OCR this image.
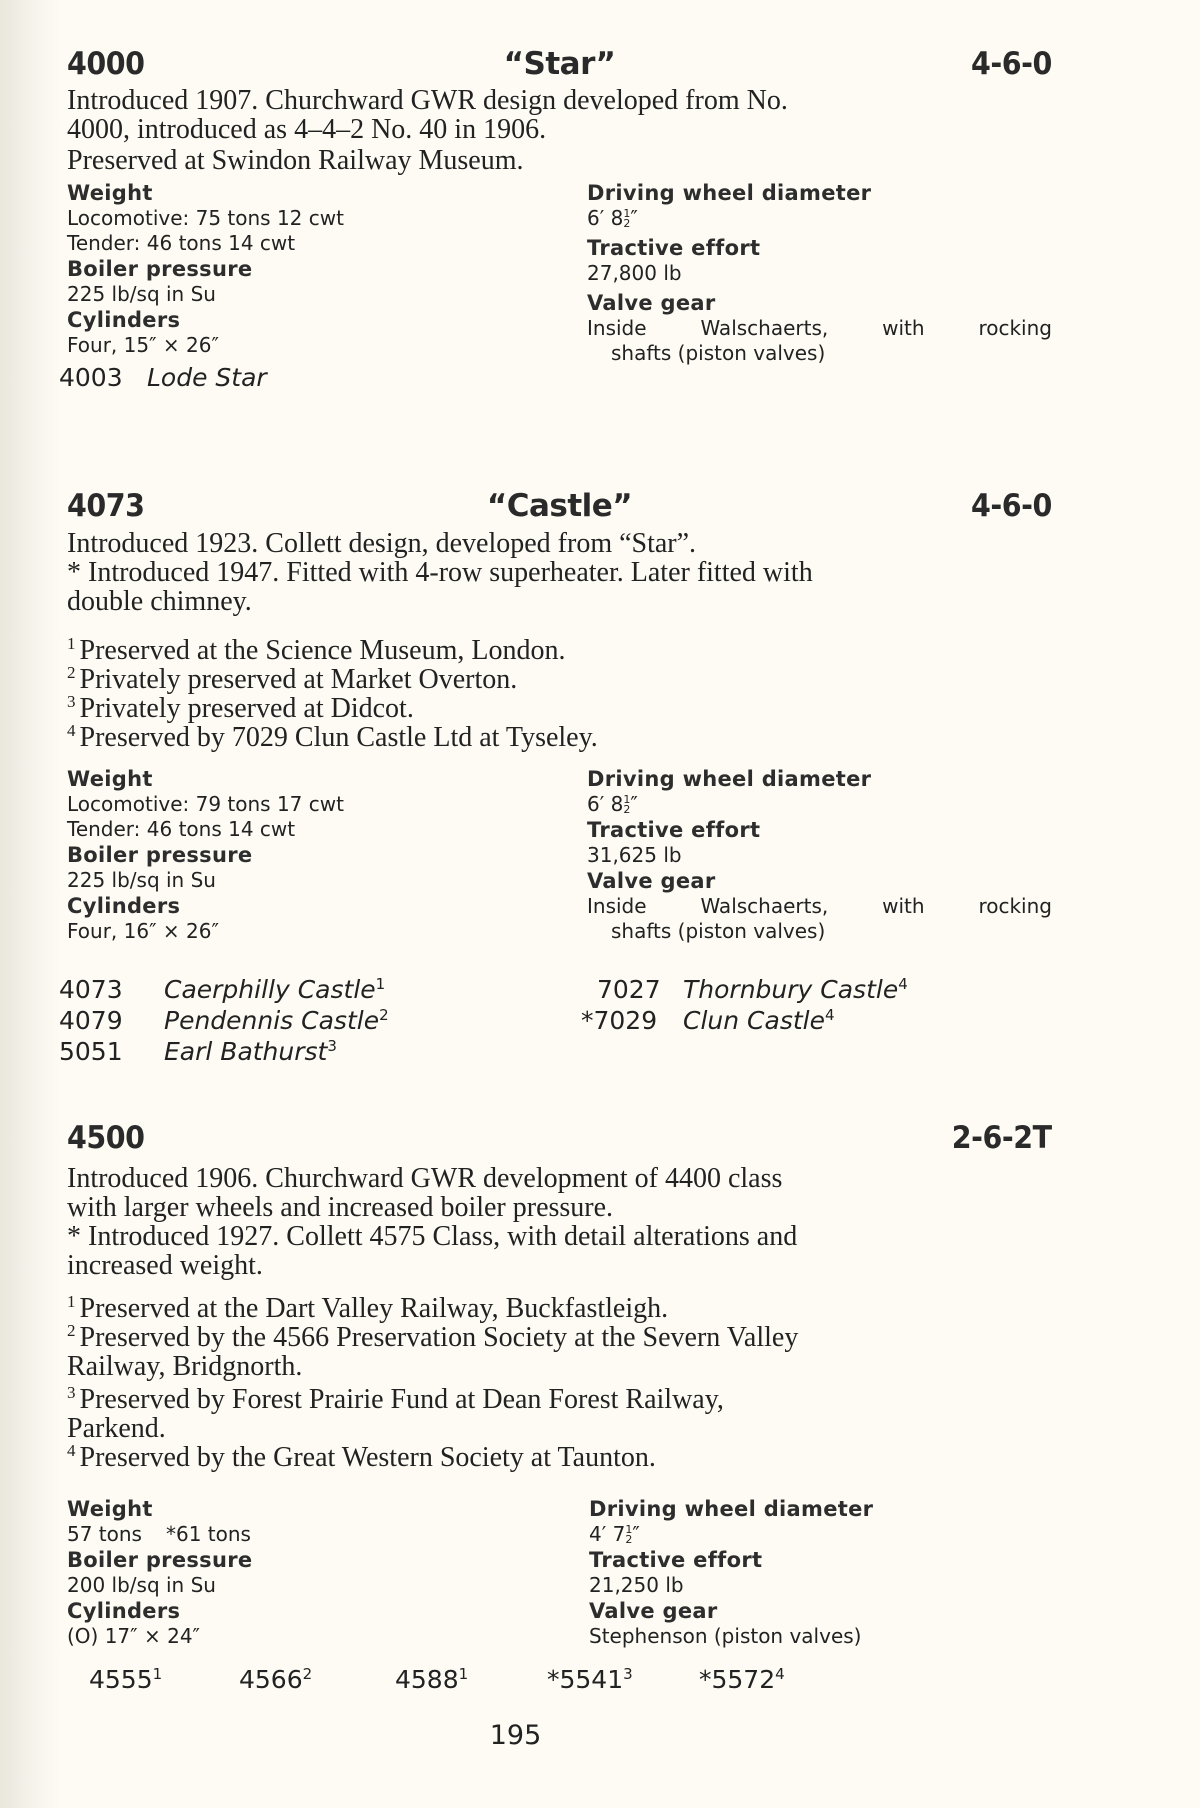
4000	“Star”	4-6-0
Introduced 1907. Churchward GWR design developed from No.
4000, introduced as 4–4–2 No. 40 in 1906.
Preserved at Swindon Railway Museum.
Weight
Locomotive: 75 tons 12 cwt
Tender: 46 tons 14 cwt
Boiler pressure
225 lb/sq in Su
Cylinders
Four, 15″ × 26″
Driving wheel diameter
6′ 8 1
2 ″
Tractive effort
27,800 lb
Valve gear
Inside	Walschaerts,	with	rocking
shafts (piston valves)
4003 Lode Star
4073	“Castle”	4-6-0
Introduced 1923. Collett design, developed from “Star”.
* Introduced 1947. Fitted with 4-row superheater. Later fitted with
double chimney.
$^1$ Preserved at the Science Museum, London.
$^2$ Privately preserved at Market Overton.
$^3$ Privately preserved at Didcot.
$^4$ Preserved by 7029 Clun Castle Ltd at Tyseley.
Weight
Locomotive: 79 tons 17 cwt
Tender: 46 tons 14 cwt
Boiler pressure
225 lb/sq in Su
Cylinders
Four, 16″ × 26″
Driving wheel diameter
6′ 8 1
2 ″
Tractive effort
31,625 lb
Valve gear
Inside	Walschaerts,	with	rocking
shafts (piston valves)
4073 Caerphilly Castle$^1$	7027 Thornbury Castle$^4$
4079 Pendennis Castle$^2$	*7029 Clun Castle$^4$
5051 Earl Bathurst$^3$
4500	2-6-2T
Introduced 1906. Churchward GWR development of 4400 class
with larger wheels and increased boiler pressure.
* Introduced 1927. Collett 4575 Class, with detail alterations and
increased weight.
$^1$ Preserved at the Dart Valley Railway, Buckfastleigh.
$^2$ Preserved by the 4566 Preservation Society at the Severn Valley
Railway, Bridgnorth.
$^3$ Preserved by Forest Prairie Fund at Dean Forest Railway,
Parkend.
$^4$ Preserved by the Great Western Society at Taunton.
Weight
57 tons *61 tons
Boiler pressure
200 lb/sq in Su
Cylinders
(O) 17″ × 24″
Driving wheel diameter
4′ 7 1
2 ″
Tractive effort
21,250 lb
Valve gear
Stephenson (piston valves)
4555$^1$	4566$^2$	4588$^1$	*5541$^3$	*5572$^4$
195
